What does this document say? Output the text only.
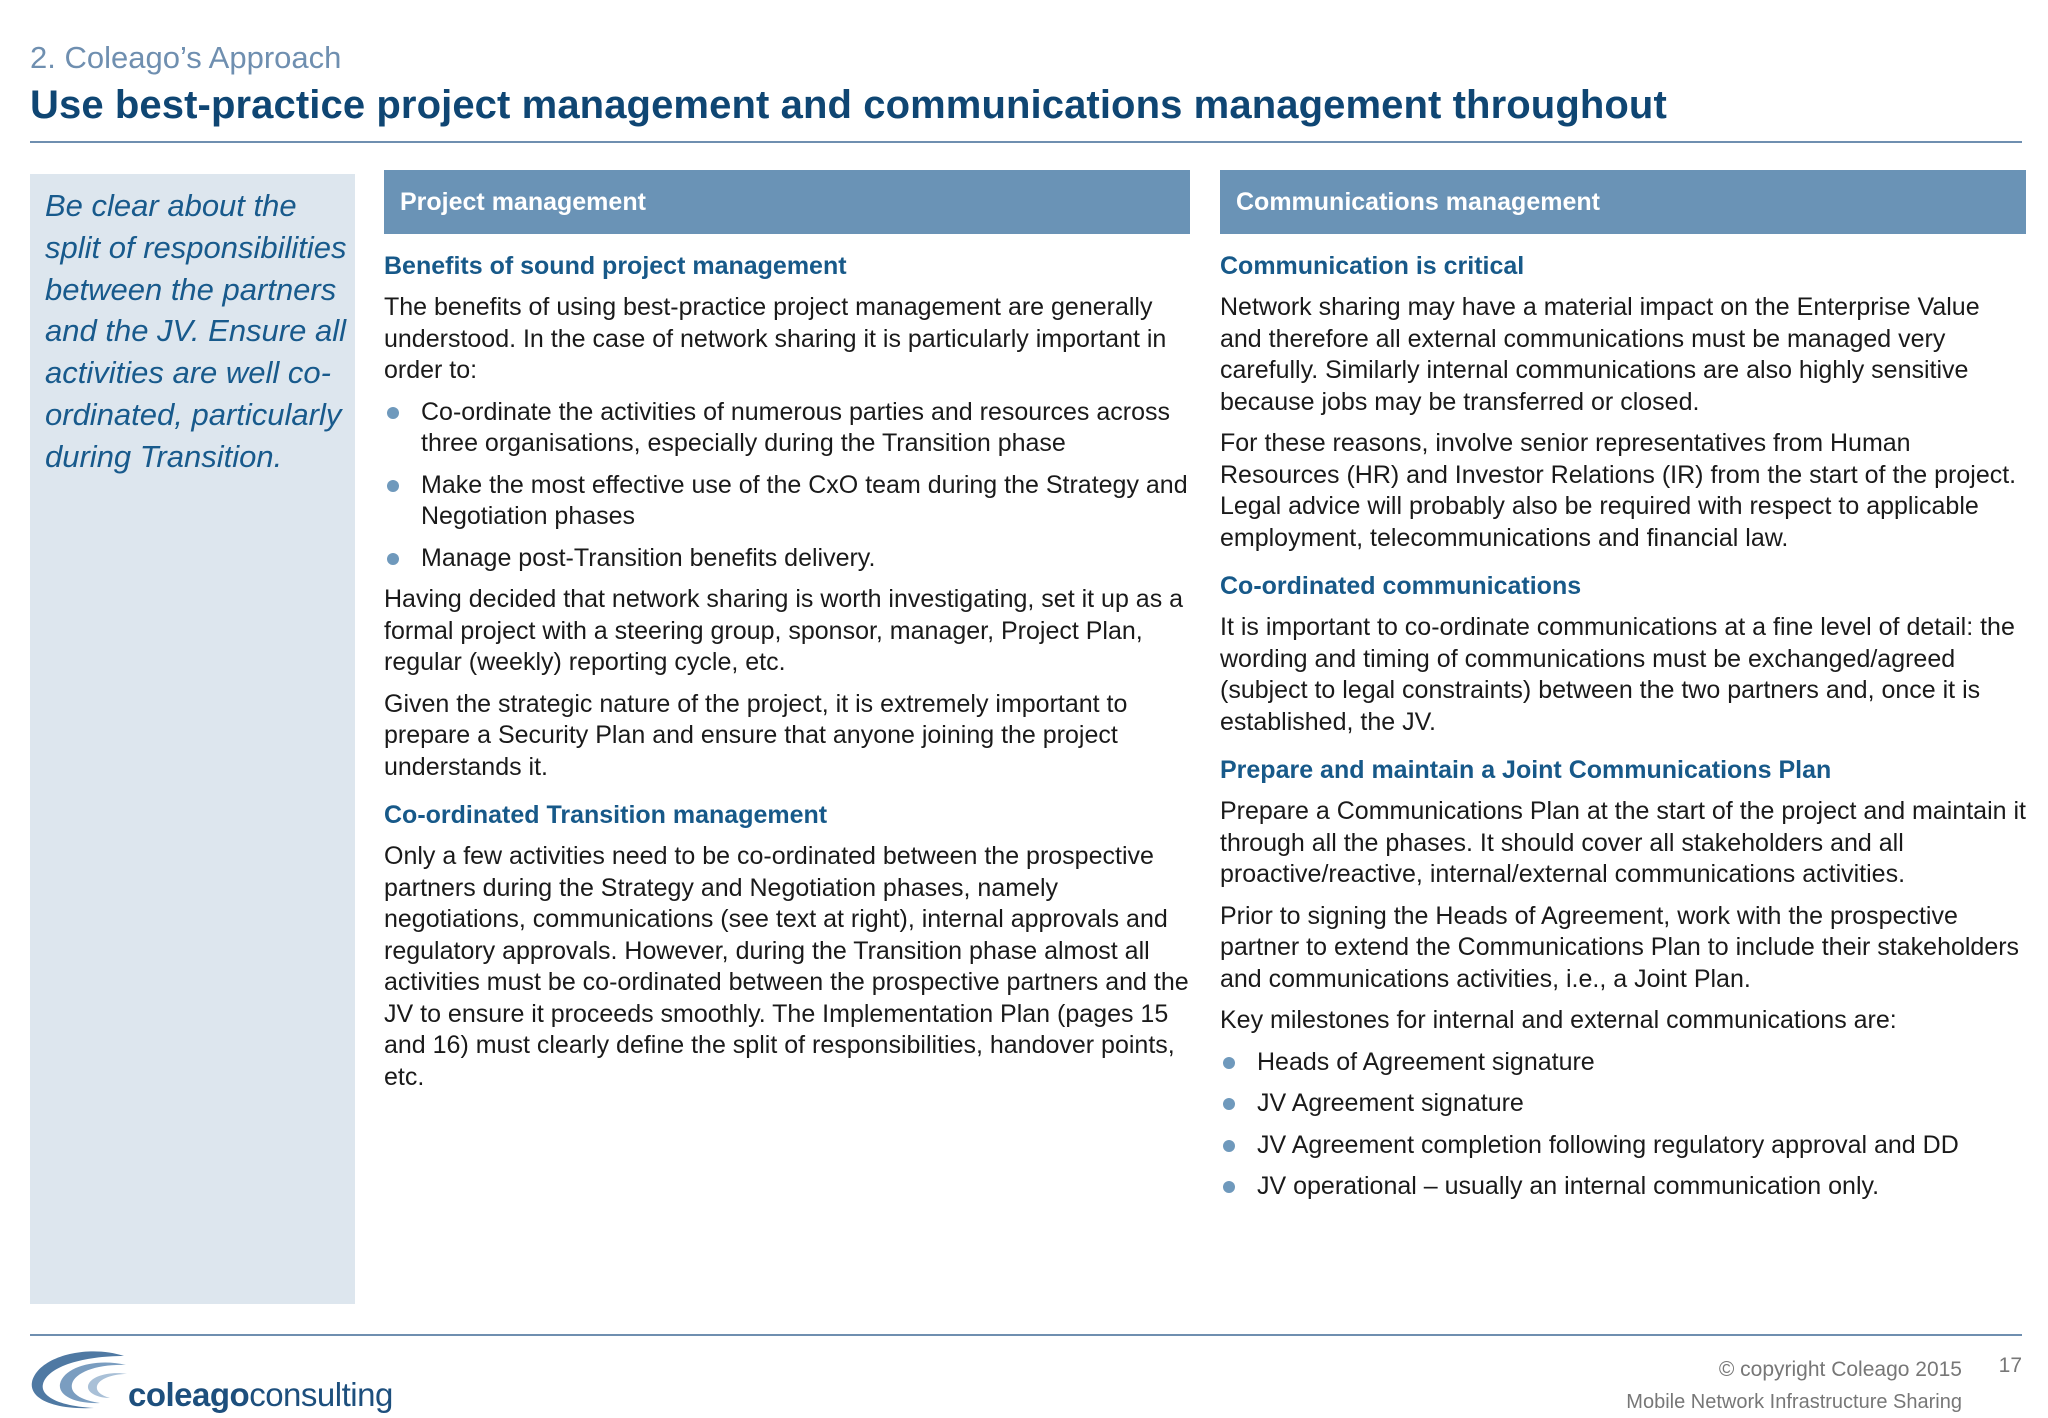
2. Coleago’s Approach
Use best-practice project management and communications management throughout
Be clear about the split of responsibilities between the partners and the JV. Ensure all activities are well co-ordinated, particularly during Transition.
Project management
Benefits of sound project management

The benefits of using best-practice project management are generally understood. In the case of network sharing it is particularly important in order to:

Co-ordinate the activities of numerous parties and resources across three organisations, especially during the Transition phase
Make the most effective use of the CxO team during the Strategy and Negotiation phases
Manage post-Transition benefits delivery.

Having decided that network sharing is worth investigating, set it up as a formal project with a steering group, sponsor, manager, Project Plan, regular (weekly) reporting cycle, etc.

Given the strategic nature of the project, it is extremely important to prepare a Security Plan and ensure that anyone joining the project understands it.

Co-ordinated Transition management

Only a few activities need to be co-ordinated between the prospective partners during the Strategy and Negotiation phases, namely negotiations, communications (see text at right), internal approvals and regulatory approvals. However, during the Transition phase almost all activities must be co-ordinated between the prospective partners and the JV to ensure it proceeds smoothly. The Implementation Plan (pages 15 and 16) must clearly define the split of responsibilities, handover points, etc.

Communications management
Communication is critical

Network sharing may have a material impact on the Enterprise Value and therefore all external communications must be managed very carefully. Similarly internal communications are also highly sensitive because jobs may be transferred or closed.

For these reasons, involve senior representatives from Human Resources (HR) and Investor Relations (IR) from the start of the project. Legal advice will probably also be required with respect to applicable employment, telecommunications and financial law.

Co-ordinated communications

It is important to co-ordinate communications at a fine level of detail: the wording and timing of communications must be exchanged/agreed (subject to legal constraints) between the two partners and, once it is established, the JV.

Prepare and maintain a Joint Communications Plan

Prepare a Communications Plan at the start of the project and maintain it through all the phases. It should cover all stakeholders and all proactive/reactive, internal/external communications activities.

Prior to signing the Heads of Agreement, work with the prospective partner to extend the Communications Plan to include their stakeholders and communications activities, i.e., a Joint Plan.

Key milestones for internal and external communications are:

Heads of Agreement signature
JV Agreement signature
JV Agreement completion following regulatory approval and DD
JV operational – usually an internal communication only.
coleagoconsulting
© copyright Coleago 2015 17
Mobile Network Infrastructure Sharing
